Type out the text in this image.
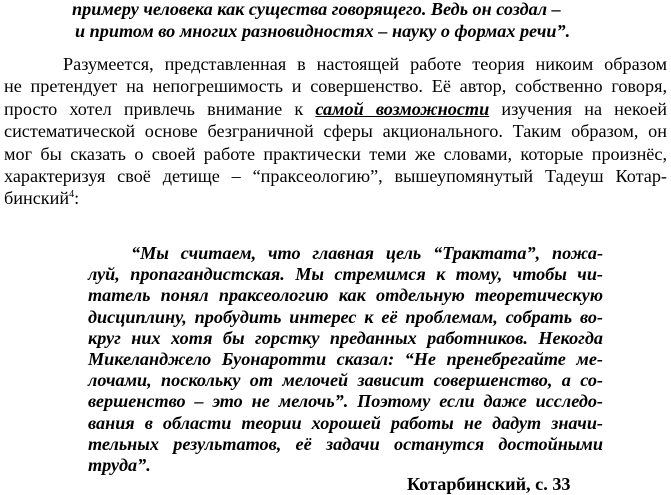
примеру человека как существа говорящего. Ведь он создал –
и притом во многих разновидностях – науку о формах речи”.
Разумеется, представленная в настоящей работе теория никоим образом
не претендует на непогрешимость и совершенство. Её автор, собственно говоря,
просто хотел привлечь внимание к самой возможности изучения на некоей
систематической основе безграничной сферы акционального. Таким образом, он
мог бы сказать о своей работе практически теми же словами, которые произнёс,
характеризуя своё детище – “праксеологию”, вышеупомянутый Тадеуш Котар-
бинский$^4$:
“Мы считаем, что главная цель “Трактата”, пожа-
луй, пропагандистская. Мы стремимся к тому, чтобы чи-
татель понял праксеологию как отдельную теоретическую
дисциплину, пробудить интерес к её проблемам, собрать во-
круг них хотя бы горстку преданных работников. Некогда
Микеланджело Буонаротти сказал: “Не пренебрегайте ме-
лочами, поскольку от мелочей зависит совершенство, а со-
вершенство – это не мелочь”. Поэтому если даже исследо-
вания в области теории хорошей работы не дадут значи-
тельных результатов, её задачи останутся достойными
труда”.
Котарбинский, с. 33
